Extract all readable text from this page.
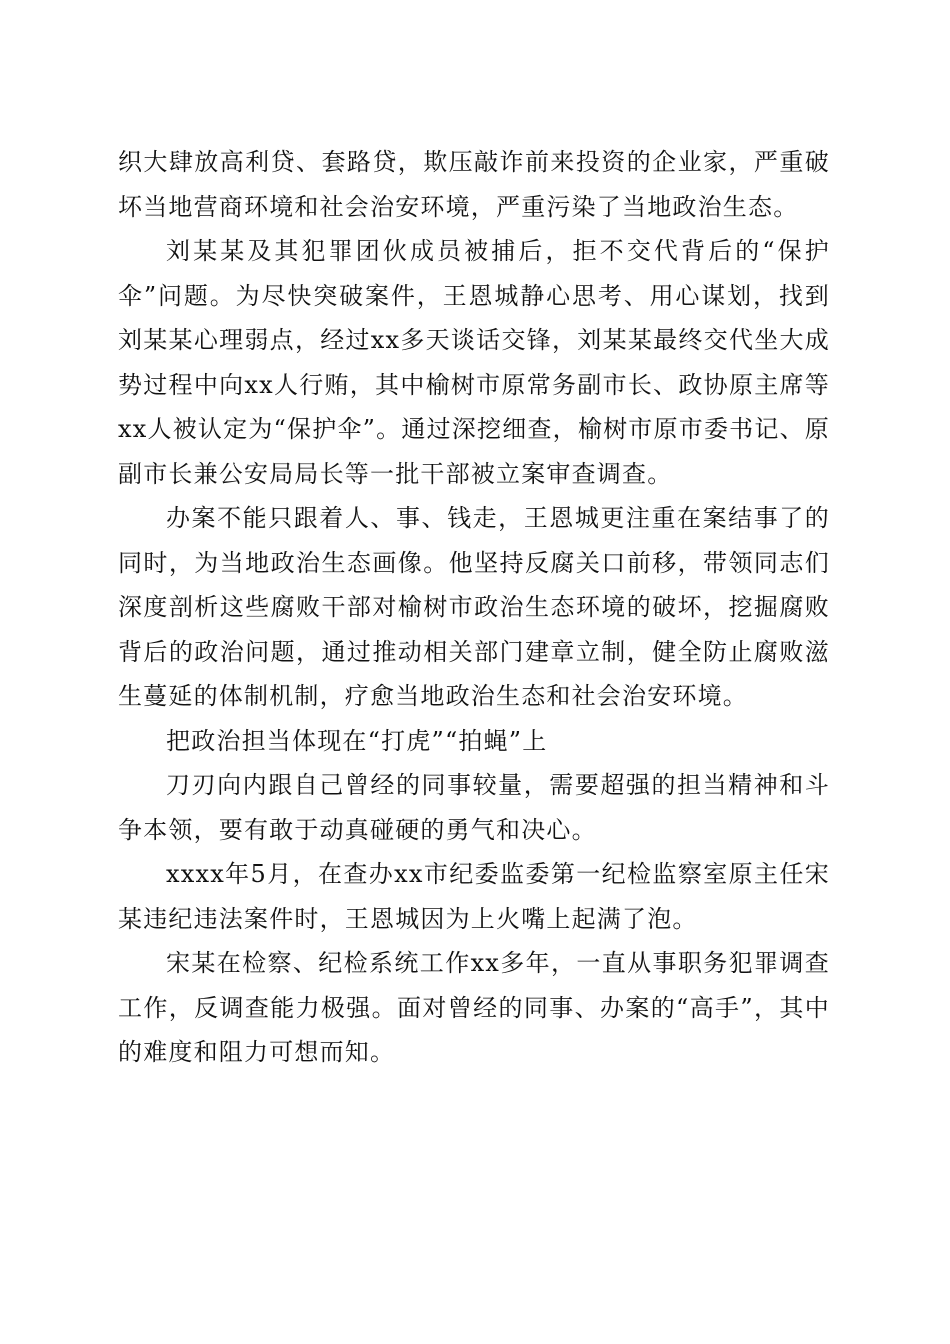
织大肆放高利贷、套路贷，欺压敲诈前来投资的企业家，严重破坏当地营商环境和社会治安环境，严重污染了当地政治生态。

刘某某及其犯罪团伙成员被捕后，拒不交代背后的“保护伞”问题。为尽快突破案件，王恩城静心思考、用心谋划，找到刘某某心理弱点，经过xx多天谈话交锋，刘某某最终交代坐大成势过程中向xx人行贿，其中榆树市原常务副市长、政协原主席等xx人被认定为“保护伞”。通过深挖细查，榆树市原市委书记、原副市长兼公安局局长等一批干部被立案审查调查。

办案不能只跟着人、事、钱走，王恩城更注重在案结事了的同时，为当地政治生态画像。他坚持反腐关口前移，带领同志们深度剖析这些腐败干部对榆树市政治生态环境的破坏，挖掘腐败背后的政治问题，通过推动相关部门建章立制，健全防止腐败滋生蔓延的体制机制，疗愈当地政治生态和社会治安环境。

把政治担当体现在“打虎”“拍蝇”上

刀刃向内跟自己曾经的同事较量，需要超强的担当精神和斗争本领，要有敢于动真碰硬的勇气和决心。

xxxx年5月，在查办xx市纪委监委第一纪检监察室原主任宋某违纪违法案件时，王恩城因为上火嘴上起满了泡。

宋某在检察、纪检系统工作xx多年，一直从事职务犯罪调查工作，反调查能力极强。面对曾经的同事、办案的“高手”，其中的难度和阻力可想而知。
